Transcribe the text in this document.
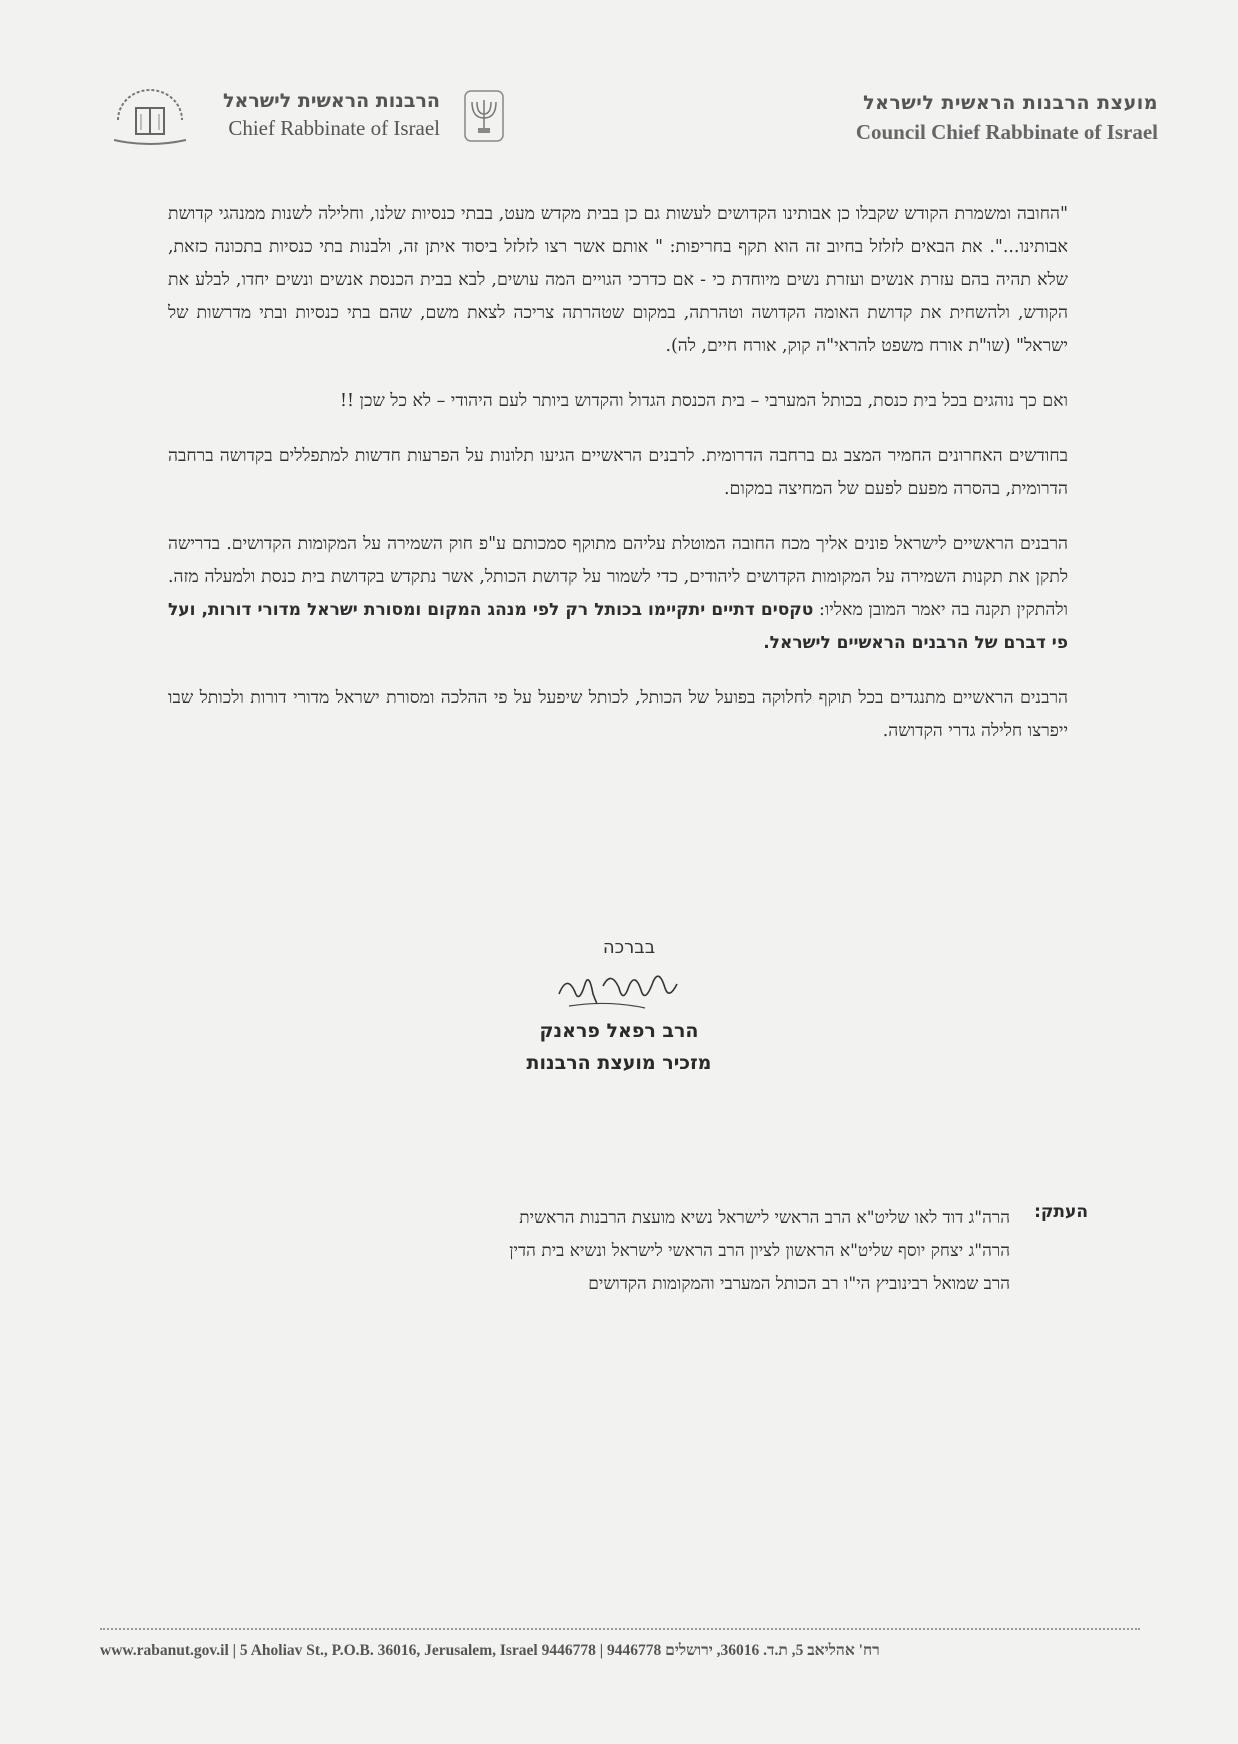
מועצת הרבנות הראשית לישראל
Council Chief Rabbinate of Israel
הרבנות הראשית לישראל
Chief Rabbinate of Israel

"החובה ומשמרת הקודש שקבלו כן אבותינו הקדושים לעשות גם כן בבית מקדש מעט, בבתי כנסיות שלנו, וחלילה לשנות ממנהגי קדושת אבותינו...". את הבאים לזלזל בחיוב זה הוא תקף בחריפות: " אותם אשר רצו לזלזל ביסוד איתן זה, ולבנות בתי כנסיות בתכונה כזאת, שלא תהיה בהם עזרת אנשים ועזרת נשים מיוחדת כי - אם כדרכי הגויים המה עושים, לבא בבית הכנסת אנשים ונשים יחדו, לבלע את הקודש, ולהשחית את קדושת האומה הקדושה וטהרתה, במקום שטהרתה צריכה לצאת משם, שהם בתי כנסיות ובתי מדרשות של ישראל" (שו"ת אורח משפט להראי"ה קוק, אורח חיים, לה).

ואם כך נוהגים בכל בית כנסת, בכותל המערבי – בית הכנסת הגדול והקדוש ביותר לעם היהודי – לא כל שכן !!

בחודשים האחרונים החמיר המצב גם ברחבה הדרומית. לרבנים הראשיים הגיעו תלונות על הפרעות חדשות למתפללים בקדושה ברחבה הדרומית, בהסרה מפעם לפעם של המחיצה במקום.

הרבנים הראשיים לישראל פונים אליך מכח החובה המוטלת עליהם מתוקף סמכותם ע"פ חוק השמירה על המקומות הקדושים. בדרישה לתקן את תקנות השמירה על המקומות הקדושים ליהודים, כדי לשמור על קדושת הכותל, אשר נתקדש בקדושת בית כנסת ולמעלה מזה. ולהתקין תקנה בה יאמר המובן מאליו: טקסים דתיים יתקיימו בכותל רק לפי מנהג המקום ומסורת ישראל מדורי דורות, ועל פי דברם של הרבנים הראשיים לישראל.

הרבנים הראשיים מתנגדים בכל תוקף לחלוקה בפועל של הכותל, לכותל שיפעל על פי ההלכה ומסורת ישראל מדורי דורות ולכותל שבו ייפרצו חלילה גדרי הקדושה.

בברכה
הרב רפאל פראנק
מזכיר מועצת הרבנות
העתק:
הרה"ג דוד לאו שליט"א הרב הראשי לישראל נשיא מועצת הרבנות הראשית
הרה"ג יצחק יוסף שליט"א הראשון לציון הרב הראשי לישראל ונשיא בית הדין
הרב שמואל רבינוביץ הי"ו רב הכותל המערבי והמקומות הקדושים
www.rabanut.gov.il | 5 Aholiav St., P.O.B. 36016, Jerusalem, Israel 9446778 | 9446778 רח' אהליאב 5, ת.ד. 36016, ירושלים
